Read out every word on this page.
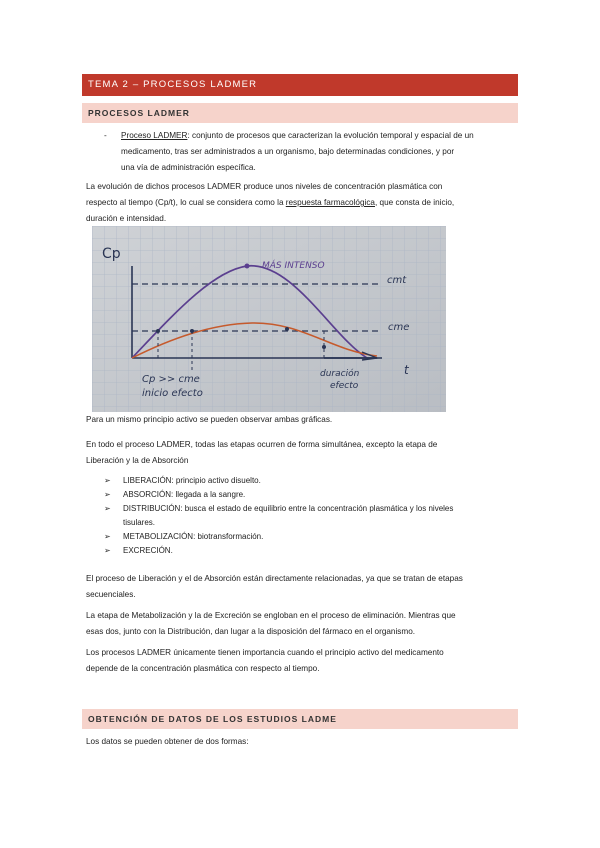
TEMA 2 – PROCESOS LADMER
PROCESOS LADMER
- Proceso LADMER: conjunto de procesos que caracterizan la evolución temporal y espacial de un
medicamento, tras ser administrados a un organismo, bajo determinadas condiciones, y por
una vía de administración específica.
La evolución de dichos procesos LADMER produce unos niveles de concentración plasmática con
respecto al tiempo (Cp/t), lo cual se considera como la respuesta farmacológica, que consta de inicio,
duración e intensidad.
Cp
MÁS INTENSO
cmt
cme
t
Cp >> cme
inicio efecto
duración
efecto
Para un mismo principio activo se pueden observar ambas gráficas.
En todo el proceso LADMER, todas las etapas ocurren de forma simultánea, excepto la etapa de
Liberación y la de Absorción
➢ LIBERACIÓN: principio activo disuelto.
➢ ABSORCIÓN: llegada a la sangre.
➢ DISTRIBUCIÓN: busca el estado de equilibrio entre la concentración plasmática y los niveles
tisulares.
➢ METABOLIZACIÓN: biotransformación.
➢ EXCRECIÓN.
El proceso de Liberación y el de Absorción están directamente relacionadas, ya que se tratan de etapas
secuenciales.
La etapa de Metabolización y la de Excreción se engloban en el proceso de eliminación. Mientras que
esas dos, junto con la Distribución, dan lugar a la disposición del fármaco en el organismo.
Los procesos LADMER únicamente tienen importancia cuando el principio activo del medicamento
depende de la concentración plasmática con respecto al tiempo.
OBTENCIÓN DE DATOS DE LOS ESTUDIOS LADME
Los datos se pueden obtener de dos formas:
